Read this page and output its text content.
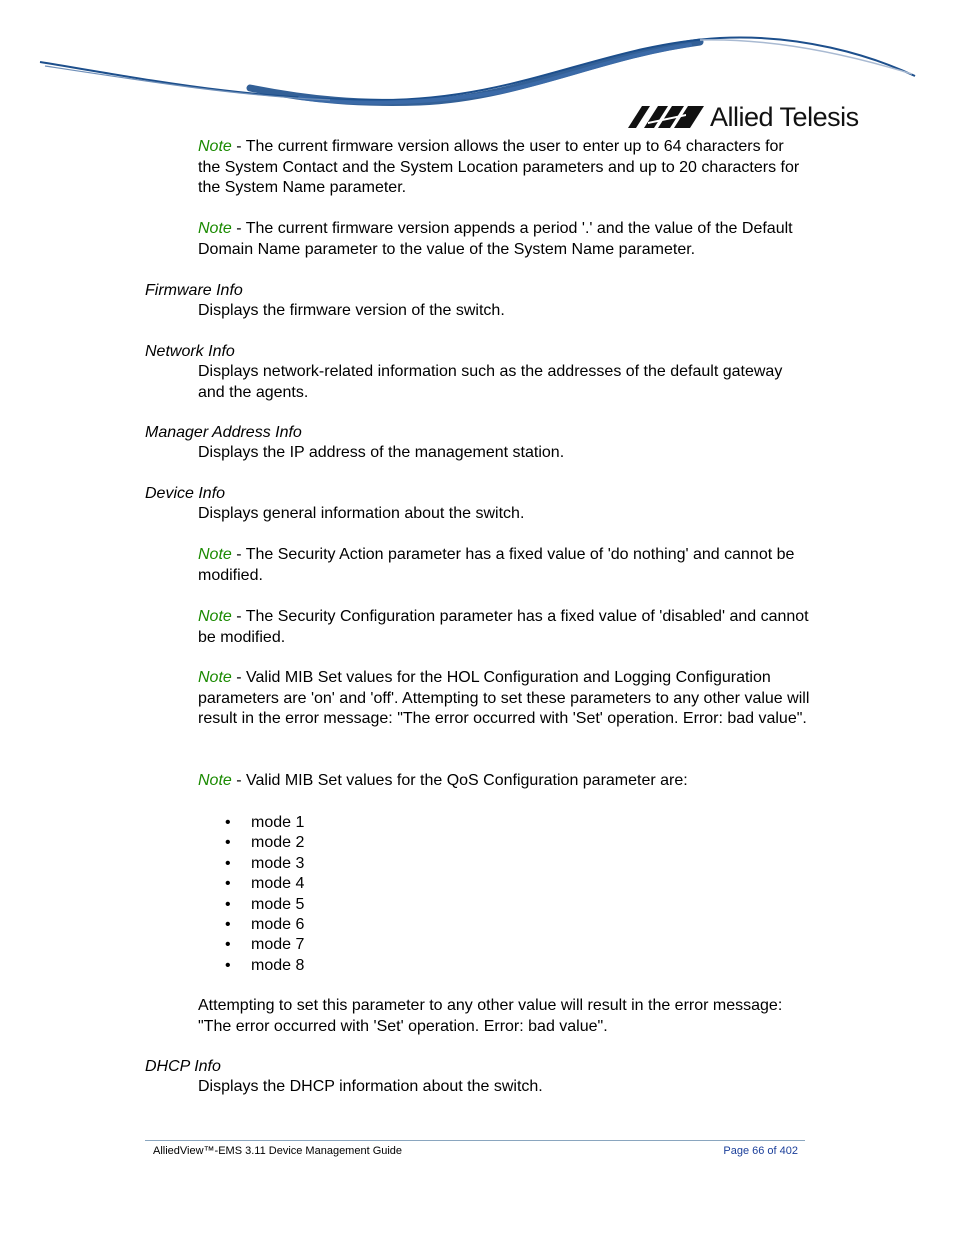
Allied Telesis
Note - The current firmware version allows the user to enter up to 64 characters for the System Contact and the System Location parameters and up to 20 characters for the System Name parameter.
Note - The current firmware version appends a period '.' and the value of the Default Domain Name parameter to the value of the System Name parameter.
Firmware Info
Displays the firmware version of the switch.
Network Info
Displays network-related information such as the addresses of the default gateway and the agents.
Manager Address Info
Displays the IP address of the management station.
Device Info
Displays general information about the switch.
Note - The Security Action parameter has a fixed value of 'do nothing' and cannot be modified.
Note - The Security Configuration parameter has a fixed value of 'disabled' and cannot be modified.
Note - Valid MIB Set values for the HOL Configuration and Logging Configuration parameters are 'on' and 'off'. Attempting to set these parameters to any other value will result in the error message: "The error occurred with 'Set' operation. Error: bad value".
Note - Valid MIB Set values for the QoS Configuration parameter are:
• mode 1
• mode 2
• mode 3
• mode 4
• mode 5
• mode 6
• mode 7
• mode 8
Attempting to set this parameter to any other value will result in the error message: "The error occurred with 'Set' operation. Error: bad value".
DHCP Info
Displays the DHCP information about the switch.
AlliedView™-EMS 3.11 Device Management Guide	Page 66 of 402
